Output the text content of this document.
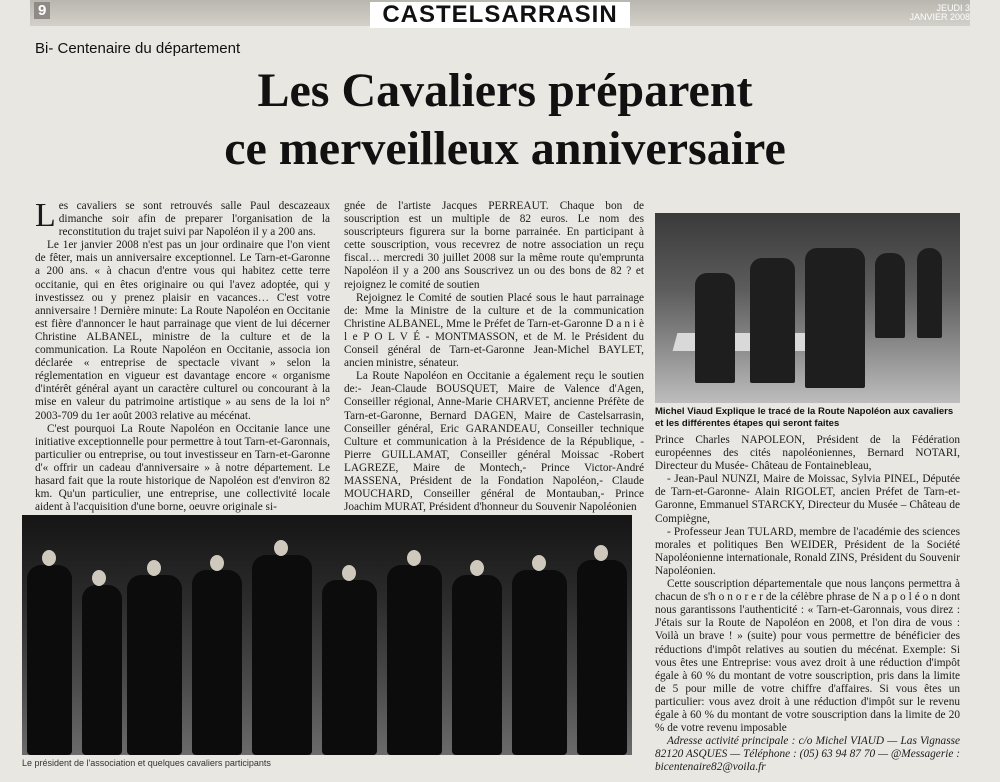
9	CASTELSARRASIN	JEUDI 3
JANVIER 2008
Bi- Centenaire du département
Les Cavaliers préparent
ce merveilleux anniversaire

Les cavaliers se sont retrouvés salle Paul descazeaux dimanche soir afin de preparer l'organisation de la reconstitution du trajet suivi par Napoléon il y a 200 ans.

Le 1er janvier 2008 n'est pas un jour ordinaire que l'on vient de fêter, mais un anniversaire exceptionnel. Le Tarn-et-Garonne a 200 ans. « à chacun d'entre vous qui habitez cette terre occitanie, qui en êtes originaire ou qui l'avez adoptée, qui y investissez ou y prenez plaisir en vacances… C'est votre anniversaire ! Dernière minute: La Route Napoléon en Occitanie est fière d'annoncer le haut parrainage que vient de lui décerner Christine ALBANEL, ministre de la culture et de la communication. La Route Napoléon en Occitanie, associa ion déclarée « entreprise de spectacle vivant » selon la réglementation en vigueur est davantage encore « organisme d'intérêt général ayant un caractère culturel ou concourant à la mise en valeur du patrimoine artistique » au sens de la loi n° 2003-709 du 1er août 2003 relative au mécénat.

C'est pourquoi La Route Napoléon en Occitanie lance une initiative exceptionnelle pour permettre à tout Tarn-et-Garonnais, particulier ou entreprise, ou tout investisseur en Tarn-et-Garonne d'« offrir un cadeau d'anniversaire » à notre département. Le hasard fait que la route historique de Napoléon est d'environ 82 km. Qu'un particulier, une entreprise, une collectivité locale aident à l'acquisition d'une borne, oeuvre originale si-

gnée de l'artiste Jacques PERREAUT. Chaque bon de souscription est un multiple de 82 euros. Le nom des souscripteurs figurera sur la borne parrainée. En participant à cette souscription, vous recevrez de notre association un reçu fiscal… mercredi 30 juillet 2008 sur la même route qu'emprunta Napoléon il y a 200 ans Souscrivez un ou des bons de 82 ? et rejoignez le comité de soutien

Rejoignez le Comité de soutien Placé sous le haut parrainage de: Mme la Ministre de la culture et de la communication Christine ALBANEL, Mme le Préfet de Tarn-et-Garonne D a n i è l e P O L V É - MONTMASSON, et de M. le Président du Conseil général de Tarn-et-Garonne Jean-Michel BAYLET, ancien ministre, sénateur.

La Route Napoléon en Occitanie a également reçu le soutien de:- Jean-Claude BOUSQUET, Maire de Valence d'Agen, Conseiller régional, Anne-Marie CHARVET, ancienne Préfète de Tarn-et-Garonne, Bernard DAGEN, Maire de Castelsarrasin, Conseiller général, Eric GARANDEAU, Conseiller technique Culture et communication à la Présidence de la République, -Pierre GUILLAMAT, Conseiller général Moissac -Robert LAGREZE, Maire de Montech,- Prince Victor-André MASSENA, Président de la Fondation Napoléon,- Claude MOUCHARD, Conseiller général de Montauban,- Prince Joachim MURAT, Président d'honneur du Souvenir Napoléonien

Michel Viaud Explique le tracé de la Route Napoléon aux cavaliers et les différentes étapes qui seront faites

Prince Charles NAPOLEON, Président de la Fédération européennes des cités napoléoniennes, Bernard NOTARI, Directeur du Musée- Château de Fontainebleau,

- Jean-Paul NUNZI, Maire de Moissac, Sylvia PINEL, Députée de Tarn-et-Garonne- Alain RIGOLET, ancien Préfet de Tarn-et-Garonne, Emmanuel STARCKY, Directeur du Musée – Château de Compiègne,

- Professeur Jean TULARD, membre de l'académie des sciences morales et politiques Ben WEIDER, Président de la Société Napoléonienne internationale, Ronald ZINS, Président du Souvenir Napoléonien.

Cette souscription départementale que nous lançons permettra à chacun de s'h o n o r e r de la célèbre phrase de N a p o l é o n dont nous garantissons l'authenticité : « Tarn-et-Garonnais, vous direz : J'étais sur la Route de Napoléon en 2008, et l'on dira de vous : Voilà un brave ! » (suite) pour vous permettre de bénéficier des réductions d'impôt relatives au soutien du mécénat. Exemple: Si vous êtes une Entreprise: vous avez droit à une réduction d'impôt égale à 60 % du montant de votre souscription, pris dans la limite de 5 pour mille de votre chiffre d'affaires. Si vous êtes un particulier: vous avez droit à une réduction d'impôt sur le revenu égale à 60 % du montant de votre souscription dans la limite de 20 % de votre revenu imposable

Adresse activité principale : c/o Michel VIAUD — Las Vignasse 82120 ASQUES — Téléphone : (05) 63 94 87 70 — @Messagerie : bicentenaire82@voila.fr

Le président de l'association et quelques cavaliers participants
